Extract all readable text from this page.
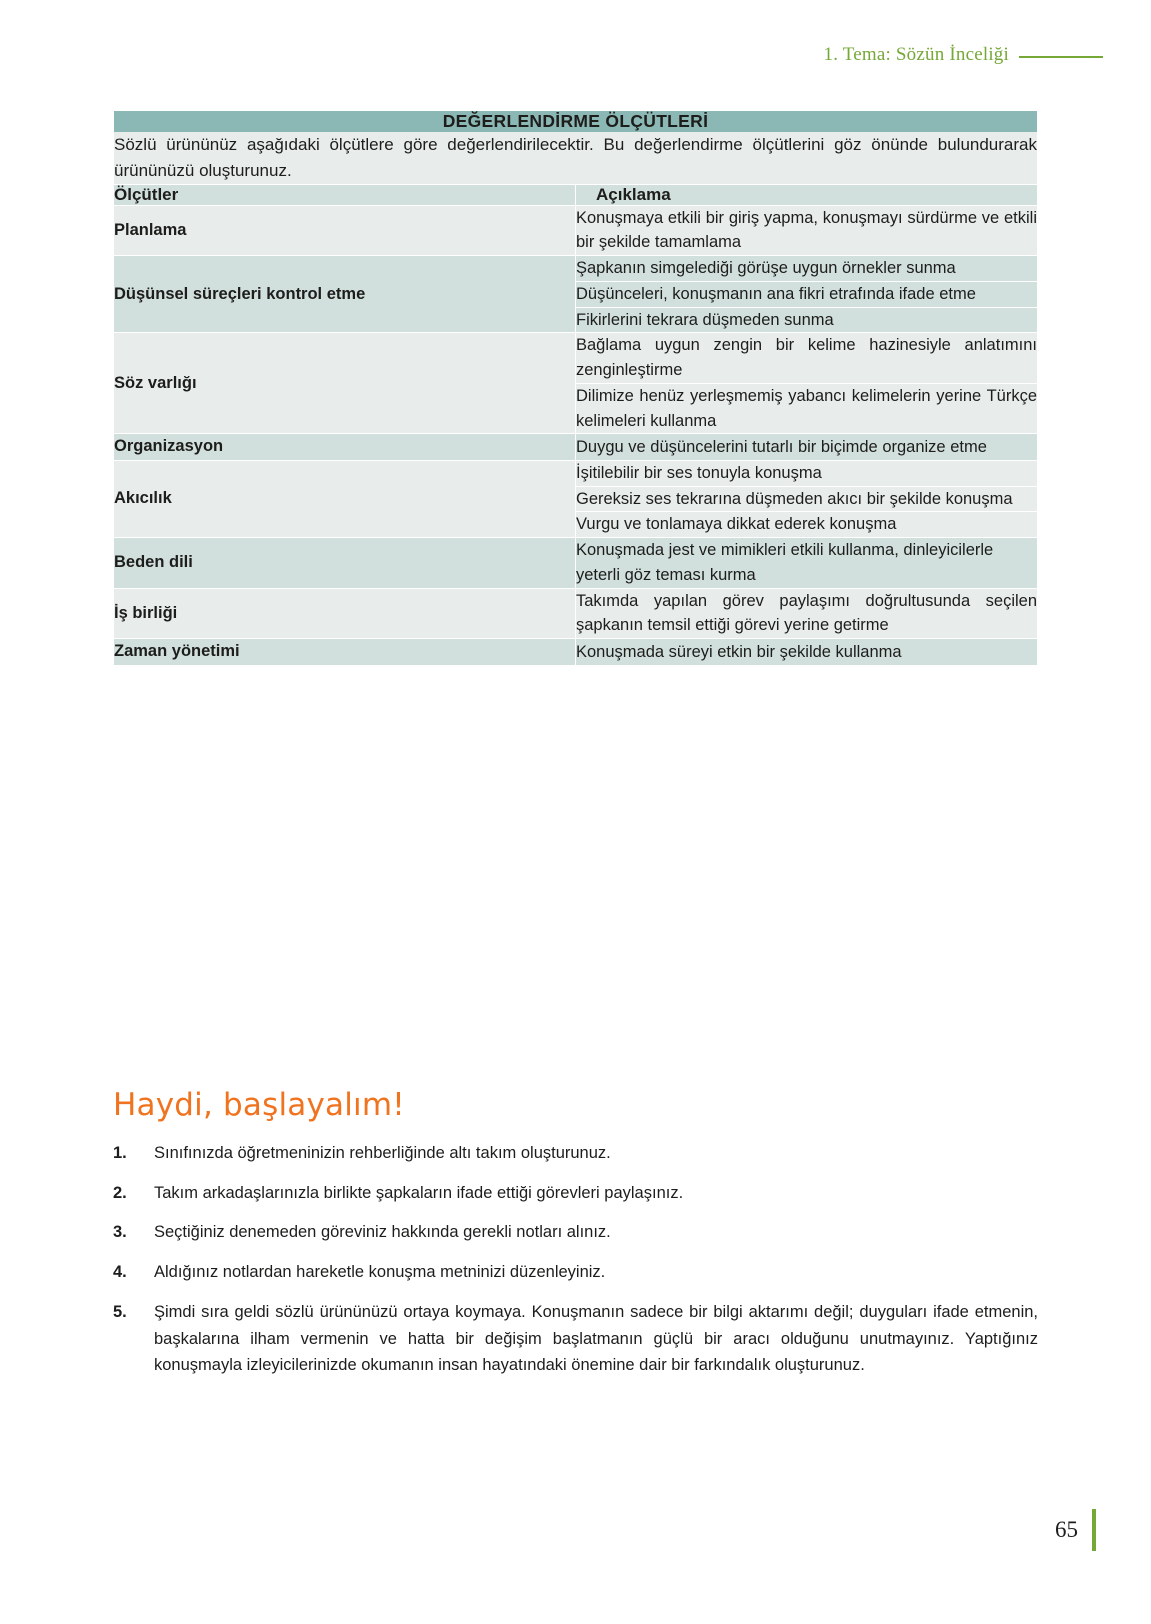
1. Tema: Sözün İnceliği
DEĞERLENDİRME ÖLÇÜTLERİ	
Sözlü ürününüz aşağıdaki ölçütlere göre değerlendirilecektir. Bu değerlendirme ölçütlerini göz önünde bulundurarak ürününüzü oluşturunuz.	
Ölçütler	Açıklama
Planlama	Konuşmaya etkili bir giriş yapma, konuşmayı sürdürme ve etkili bir şekilde tamamlama
Düşünsel süreçleri kontrol etme	Şapkanın simgelediği görüşe uygun örnekler sunma
	Düşünceleri, konuşmanın ana fikri etrafında ifade etme
	Fikirlerini tekrara düşmeden sunma
Söz varlığı	Bağlama uygun zengin bir kelime hazinesiyle anlatımını zenginleştirme
	Dilimize henüz yerleşmemiş yabancı kelimelerin yerine Türkçe kelimeleri kullanma
Organizasyon	Duygu ve düşüncelerini tutarlı bir biçimde organize etme
Akıcılık	İşitilebilir bir ses tonuyla konuşma
	Gereksiz ses tekrarına düşmeden akıcı bir şekilde konuşma
	Vurgu ve tonlamaya dikkat ederek konuşma
Beden dili	Konuşmada jest ve mimikleri etkili kullanma, dinleyicilerle yeterli göz teması kurma
İş birliği	Takımda yapılan görev paylaşımı doğrultusunda seçilen şapkanın temsil ettiği görevi yerine getirme
Zaman yönetimi	Konuşmada süreyi etkin bir şekilde kullanma
Haydi, başlayalım!
1.	Sınıfınızda öğretmeninizin rehberliğinde altı takım oluşturunuz.
2.	Takım arkadaşlarınızla birlikte şapkaların ifade ettiği görevleri paylaşınız.
3.	Seçtiğiniz denemeden göreviniz hakkında gerekli notları alınız.
4.	Aldığınız notlardan hareketle konuşma metninizi düzenleyiniz.
5.	Şimdi sıra geldi sözlü ürününüzü ortaya koymaya. Konuşmanın sadece bir bilgi aktarımı değil; duyguları ifade etmenin, başkalarına ilham vermenin ve hatta bir değişim başlatmanın güçlü bir aracı olduğunu unutmayınız. Yaptığınız konuşmayla izleyicilerinizde okumanın insan hayatındaki önemine dair bir farkındalık oluşturunuz.
65
